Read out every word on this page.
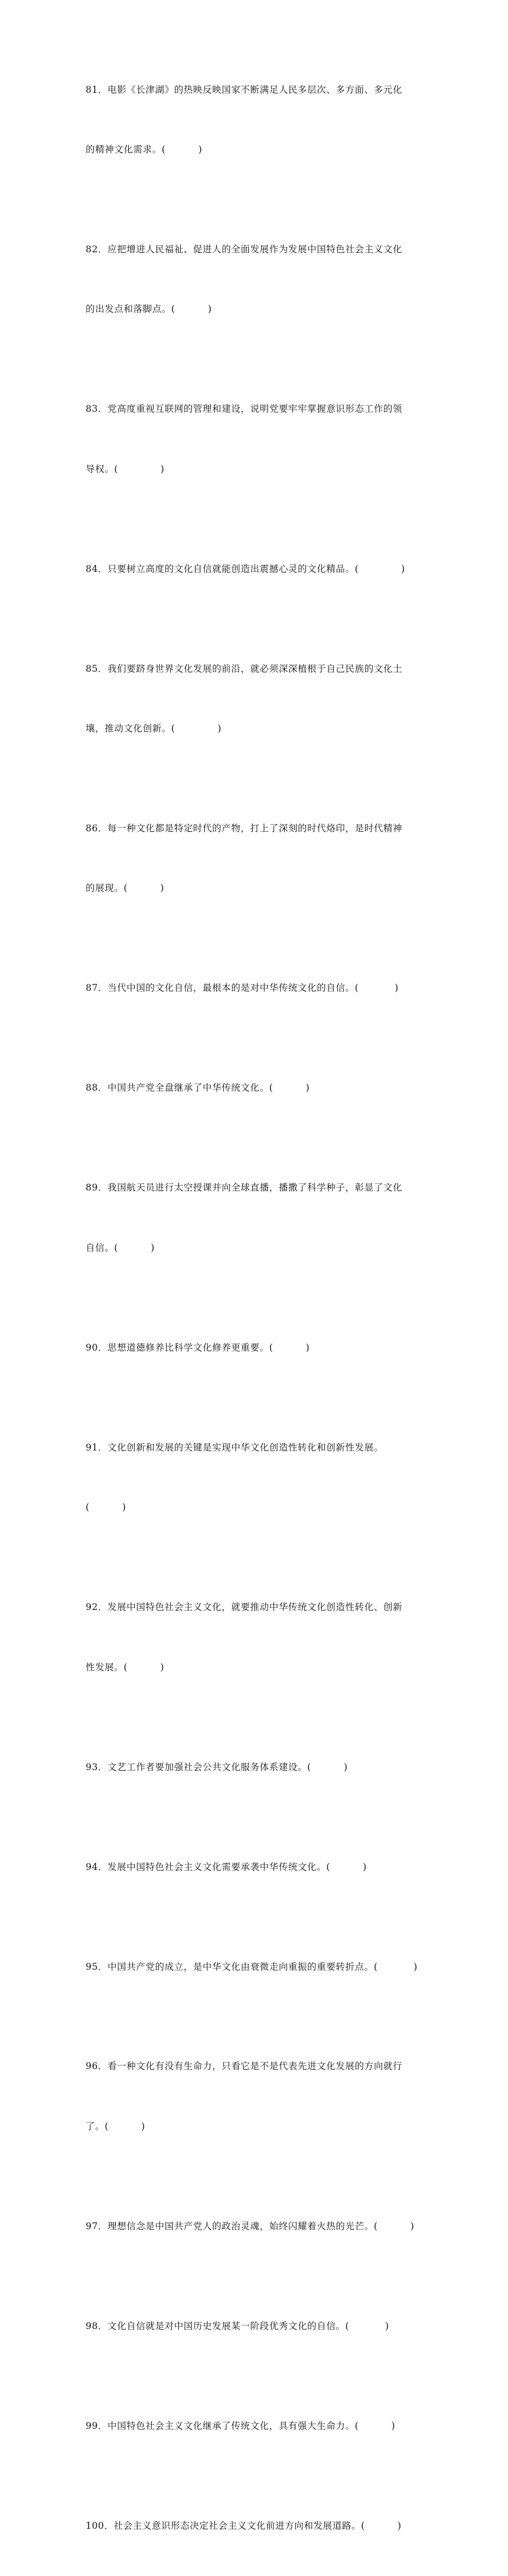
81．电影《长津湖》的热映反映国家不断满足人民多层次、多方面、多元化

的精神文化需求。(          )

82．应把增进人民福祉、促进人的全面发展作为发展中国特色社会主义文化

的出发点和落脚点。(          )

83．党高度重视互联网的管理和建设，说明党要牢牢掌握意识形态工作的领

导权。(             )

84．只要树立高度的文化自信就能创造出震撼心灵的文化精品。(             )

85．我们要跻身世界文化发展的前沿，就必须深深植根于自己民族的文化土

壤，推动文化创新。(             )

86．每一种文化都是特定时代的产物，打上了深刻的时代烙印，是时代精神

的展现。(          )

87．当代中国的文化自信，最根本的是对中华传统文化的自信。(           )

88．中国共产党全盘继承了中华传统文化。(          )

89．我国航天员进行太空授课并向全球直播，播撒了科学种子，彰显了文化

自信。(          )

90．思想道德修养比科学文化修养更重要。(          )

91．文化创新和发展的关键是实现中华文化创造性转化和创新性发展。

(          )

92．发展中国特色社会主义文化，就要推动中华传统文化创造性转化、创新

性发展。(          )

93．文艺工作者要加强社会公共文化服务体系建设。(          )

94．发展中国特色社会主义文化需要承袭中华传统文化。(          )

95．中国共产党的成立，是中华文化由衰微走向重振的重要转折点。(           )

96．看一种文化有没有生命力，只看它是不是代表先进文化发展的方向就行

了。(          )

97．理想信念是中国共产党人的政治灵魂，始终闪耀着火热的光芒。(          )

98．文化自信就是对中国历史发展某一阶段优秀文化的自信。(           )

99．中国特色社会主义文化继承了传统文化，具有强大生命力。(          )

100．社会主义意识形态决定社会主义文化前进方向和发展道路。(          )
